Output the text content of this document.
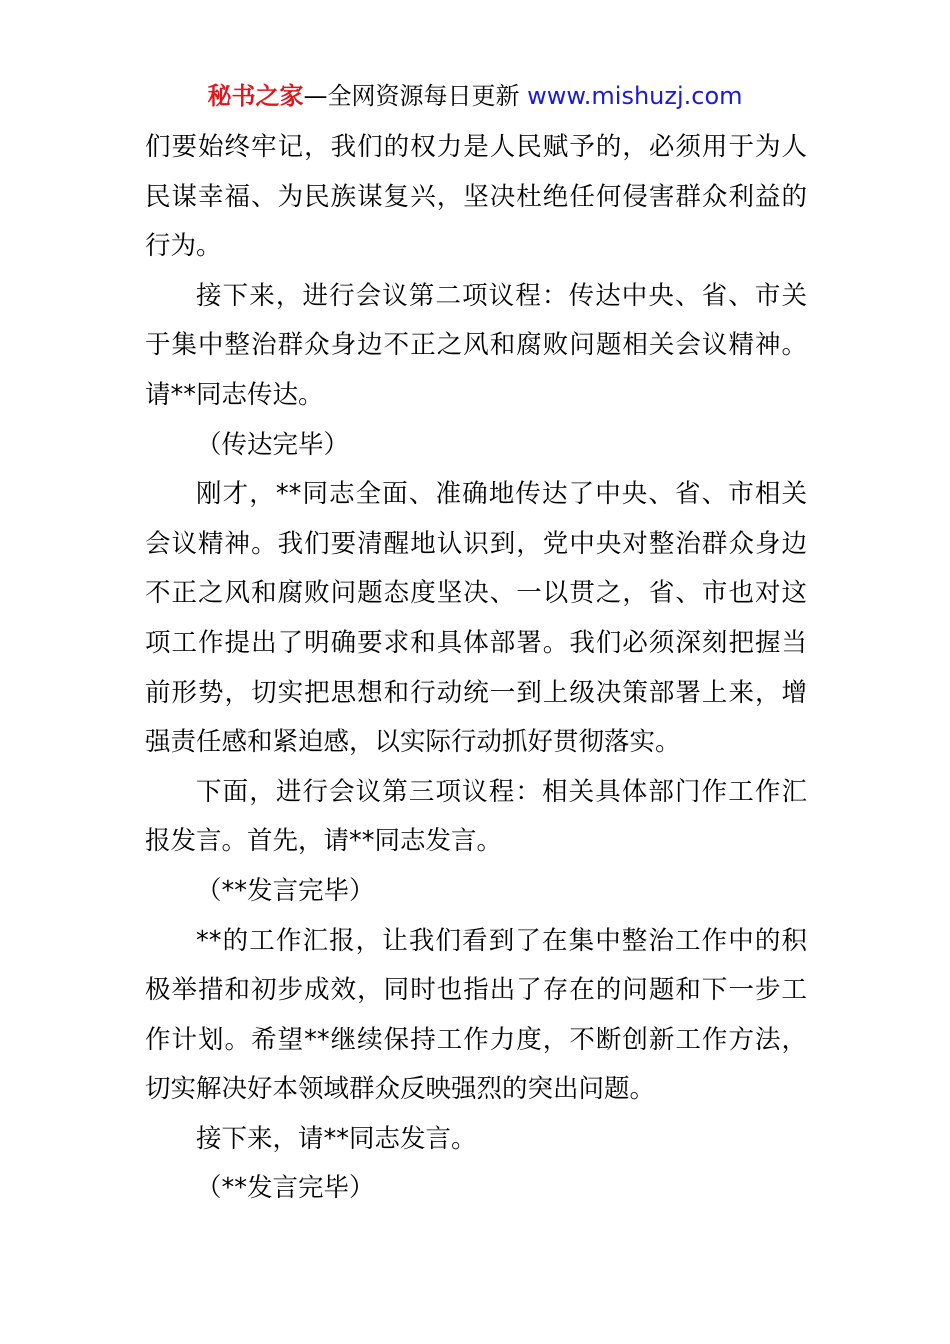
秘书之家—全网资源每日更新 www.mishuzj.com

们要始终牢记，我们的权力是人民赋予的，必须用于为人民谋幸福、为民族谋复兴，坚决杜绝任何侵害群众利益的行为。

接下来，进行会议第二项议程：传达中央、省、市关于集中整治群众身边不正之风和腐败问题相关会议精神。请**同志传达。

（传达完毕）

刚才，**同志全面、准确地传达了中央、省、市相关会议精神。我们要清醒地认识到，党中央对整治群众身边不正之风和腐败问题态度坚决、一以贯之，省、市也对这项工作提出了明确要求和具体部署。我们必须深刻把握当前形势，切实把思想和行动统一到上级决策部署上来，增强责任感和紧迫感，以实际行动抓好贯彻落实。

下面，进行会议第三项议程：相关具体部门作工作汇报发言。首先，请**同志发言。

（**发言完毕）

**的工作汇报，让我们看到了在集中整治工作中的积极举措和初步成效，同时也指出了存在的问题和下一步工作计划。希望**继续保持工作力度，不断创新工作方法，切实解决好本领域群众反映强烈的突出问题。

接下来，请**同志发言。

（**发言完毕）
